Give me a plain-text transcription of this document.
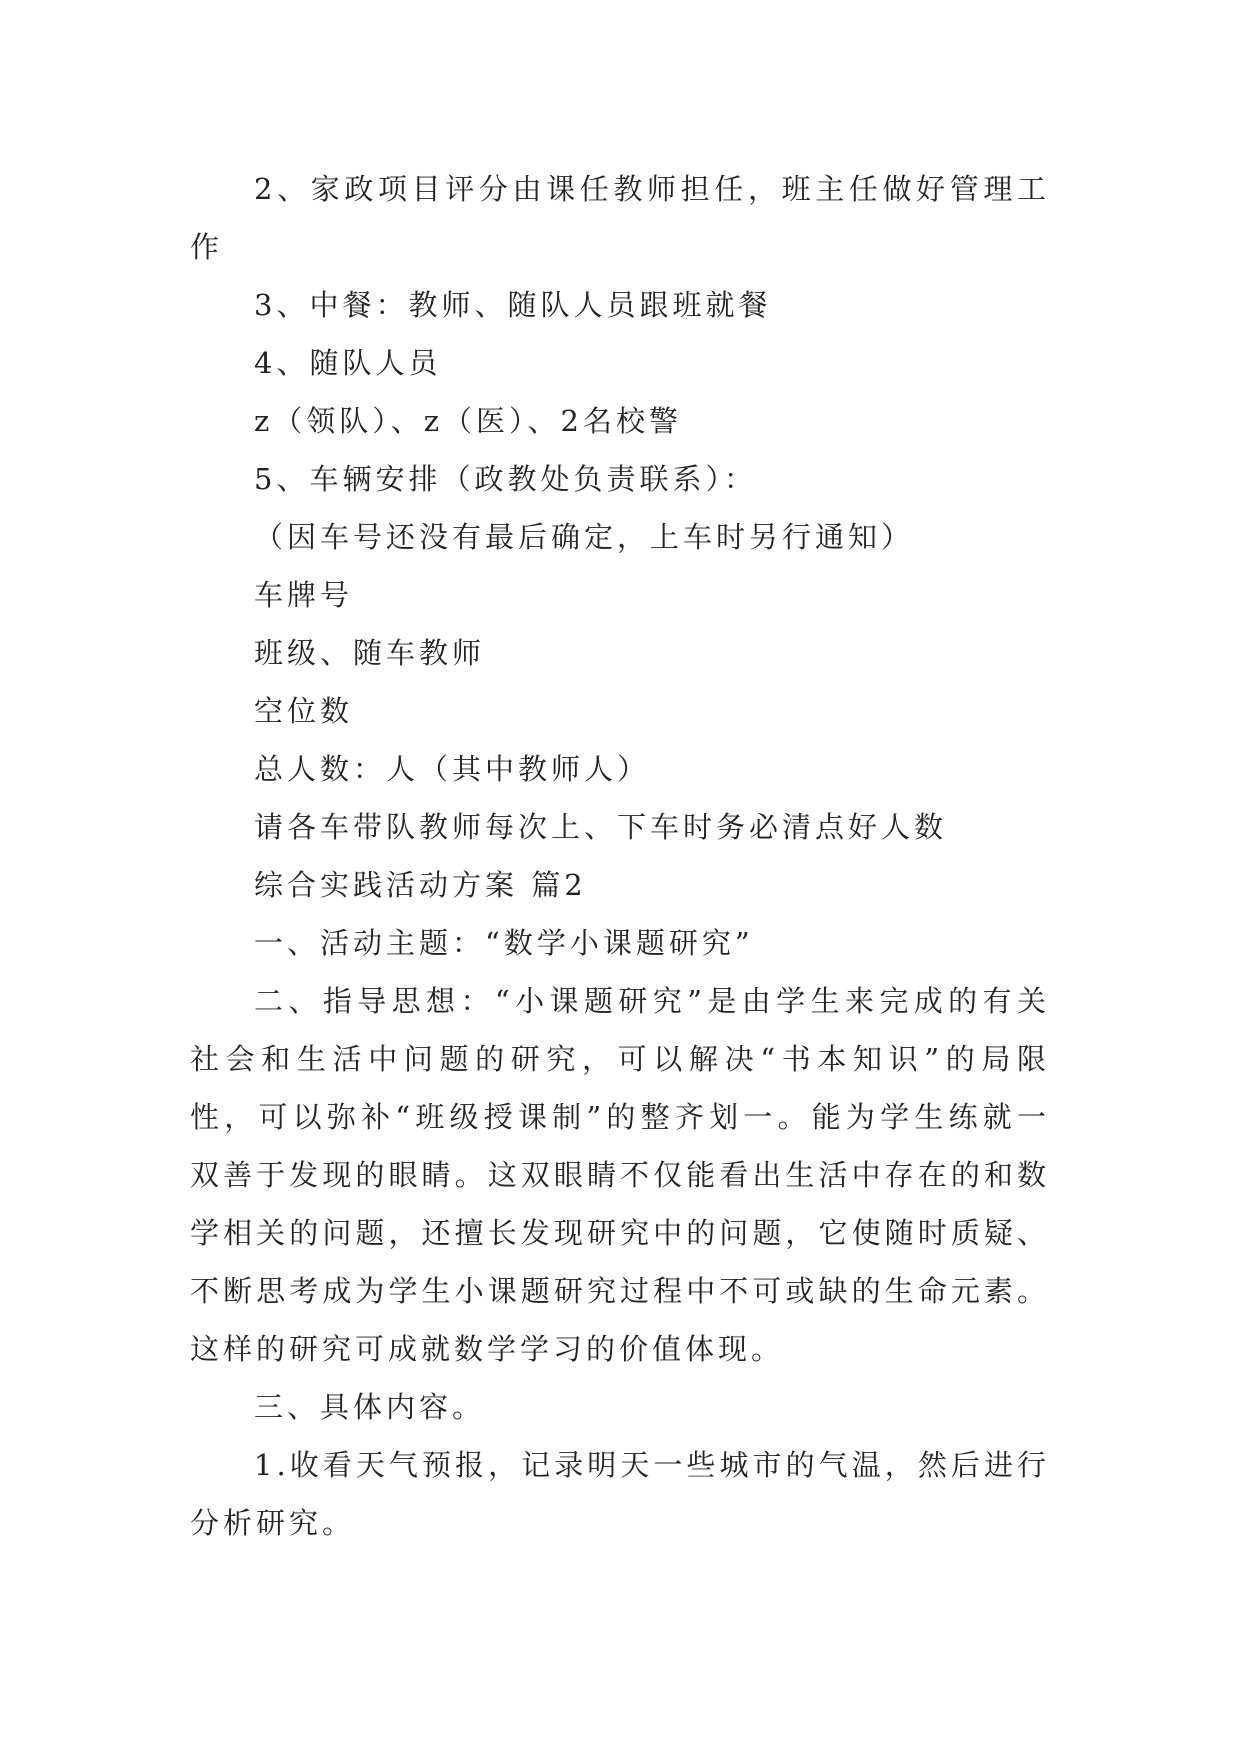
2、家政项目评分由课任教师担任，班主任做好管理工作

3、中餐：教师、随队人员跟班就餐

4、随队人员

z（领队）、z（医）、2名校警

5、车辆安排（政教处负责联系）：

（因车号还没有最后确定，上车时另行通知）

车牌号

班级、随车教师

空位数

总人数：人（其中教师人）

请各车带队教师每次上、下车时务必清点好人数

综合实践活动方案 篇2

一、活动主题：“数学小课题研究”

二、指导思想：“小课题研究”是由学生来完成的有关社会和生活中问题的研究，可以解决“书本知识”的局限性，可以弥补“班级授课制”的整齐划一。能为学生练就一双善于发现的眼睛。这双眼睛不仅能看出生活中存在的和数学相关的问题，还擅长发现研究中的问题，它使随时质疑、不断思考成为学生小课题研究过程中不可或缺的生命元素。这样的研究可成就数学学习的价值体现。

三、具体内容。

1.收看天气预报，记录明天一些城市的气温，然后进行分析研究。
